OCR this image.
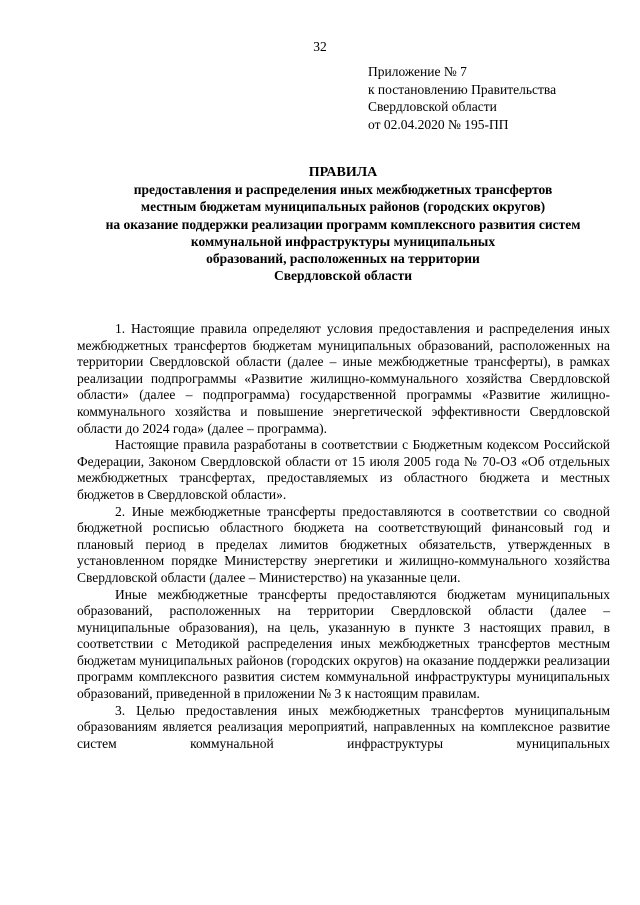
32
Приложение № 7
к постановлению Правительства
Свердловской области
от 02.04.2020 № 195-ПП
ПРАВИЛА
предоставления и распределения иных межбюджетных трансфертов
местным бюджетам муниципальных районов (городских округов)
на оказание поддержки реализации программ комплексного развития систем
коммунальной инфраструктуры муниципальных
образований, расположенных на территории
Свердловской области

1. Настоящие правила определяют условия предоставления и распределения иных межбюджетных трансфертов бюджетам муниципальных образований, расположенных на территории Свердловской области (далее – иные межбюджетные трансферты), в рамках реализации подпрограммы «Развитие жилищно-коммунального хозяйства Свердловской области» (далее – подпрограмма) государственной программы «Развитие жилищно-коммунального хозяйства и повышение энергетической эффективности Свердловской области до 2024 года» (далее – программа).

Настоящие правила разработаны в соответствии с Бюджетным кодексом Российской Федерации, Законом Свердловской области от 15 июля 2005 года № 70-ОЗ «Об отдельных межбюджетных трансфертах, предоставляемых из областного бюджета и местных бюджетов в Свердловской области».

2. Иные межбюджетные трансферты предоставляются в соответствии со сводной бюджетной росписью областного бюджета на соответствующий финансовый год и плановый период в пределах лимитов бюджетных обязательств, утвержденных в установленном порядке Министерству энергетики и жилищно-коммунального хозяйства Свердловской области (далее – Министерство) на указанные цели.

Иные межбюджетные трансферты предоставляются бюджетам муниципальных образований, расположенных на территории Свердловской области (далее – муниципальные образования), на цель, указанную в пункте 3 настоящих правил, в соответствии с Методикой распределения иных межбюджетных трансфертов местным бюджетам муниципальных районов (городских округов) на оказание поддержки реализации программ комплексного развития систем коммунальной инфраструктуры муниципальных образований, приведенной в приложении № 3 к настоящим правилам.

3. Целью предоставления иных межбюджетных трансфертов муниципальным образованиям является реализация мероприятий, направленных на комплексное развитие систем коммунальной инфраструктуры муниципальных
